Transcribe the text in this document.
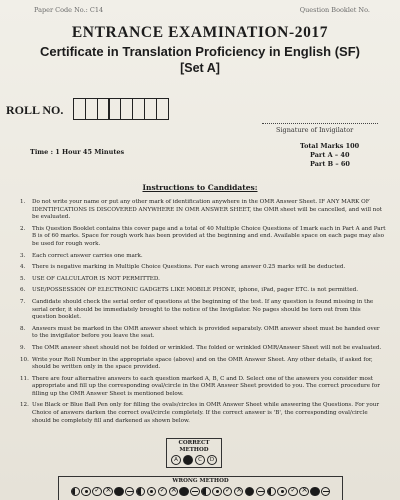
Paper Code No.: C14	Question Booklet No.
ENTRANCE EXAMINATION-2017
Certificate in Translation Proficiency in English (SF)
[Set A]
ROLL NO.
Signature of Invigilator
Time : 1 Hour 45 Minutes
Total Marks 100
Part A – 40
Part B – 60
Instructions to Candidates:
1.	Do not write your name or put any other mark of identification anywhere in the OMR Answer Sheet. IF ANY MARK OF IDENTIFICATIONS IS DISCOVERED ANYWHERE IN OMR ANSWER SHEET, the OMR sheet will be cancelled, and will not be evaluated.
2.	This Question Booklet contains this cover page and a total of 40 Multiple Choice Questions of 1mark each in Part A and Part B is of 60 marks. Space for rough work has been provided at the beginning and end. Available space on each page may also be used for rough work.
3.	Each correct answer carries one mark.
4.	There is negative marking in Multiple Choice Questions. For each wrong answer 0.25 marks will be deducted.
5.	USE OF CALCULATOR IS NOT PERMITTED.
6.	USE/POSSESSION OF ELECTRONIC GADGETS LIKE MOBILE PHONE, iphone, iPad, pager ETC. is not permitted.
7.	Candidate should check the serial order of questions at the beginning of the test. If any question is found missing in the serial order, it should be immediately brought to the notice of the Invigilator. No pages should be torn out from this question booklet.
8.	Answers must be marked in the OMR answer sheet which is provided separately. OMR answer sheet must be handed over to the invigilator before you leave the seat.
9.	The OMR answer sheet should not be folded or wrinkled. The folded or wrinkled OMR/Answer Sheet will not be evaluated.
10. Write your Roll Number in the appropriate space (above) and on the OMR Answer Sheet. Any other details, if asked for, should be written only in the space provided.
11. There are four alternative answers to each question marked A, B, C and D. Select one of the answers you consider most appropriate and fill up the corresponding oval/circle in the OMR Answer Sheet provided to you. The correct procedure for filling up the OMR Answer Sheet is mentioned below.
12. Use Black or Blue Ball Pen only for filling the ovals/circles in OMR Answer Sheet while answering the Questions. For your Choice of answers darken the correct oval/circle completely. If the correct answer is 'B', the corresponding oval/circle should be completely fill and darkened as shown below.
CORRECT METHOD
A	B	C	D
WRONG METHOD
✓
×
✓
×
✓
×
✓
×
